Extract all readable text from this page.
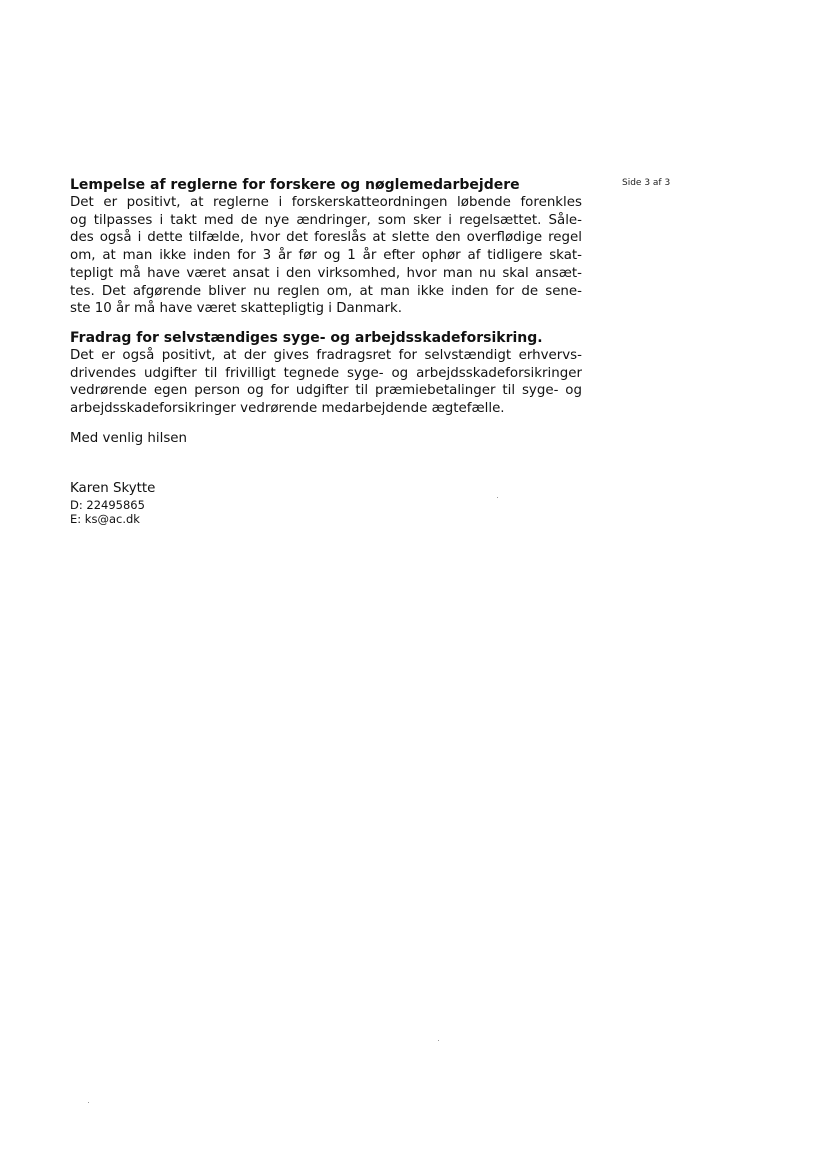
Side 3 af 3
Lempelse af reglerne for forskere og nøglemedarbejdere
Det er positivt, at reglerne i forskerskatteordningen løbende forenkles
og tilpasses i takt med de nye ændringer, som sker i regelsættet. Såle-
des også i dette tilfælde, hvor det foreslås at slette den overflødige regel
om, at man ikke inden for 3 år før og 1 år efter ophør af tidligere skat-
tepligt må have været ansat i den virksomhed, hvor man nu skal ansæt-
tes. Det afgørende bliver nu reglen om, at man ikke inden for de sene-
ste 10 år må have været skattepligtig i Danmark.
Fradrag for selvstændiges syge- og arbejdsskadeforsikring.
Det er også positivt, at der gives fradragsret for selvstændigt erhvervs-
drivendes udgifter til frivilligt tegnede syge- og arbejdsskadeforsikringer
vedrørende egen person og for udgifter til præmiebetalinger til syge- og
arbejdsskadeforsikringer vedrørende medarbejdende ægtefælle.
Med venlig hilsen
Karen Skytte
D: 22495865
E: ks@ac.dk
